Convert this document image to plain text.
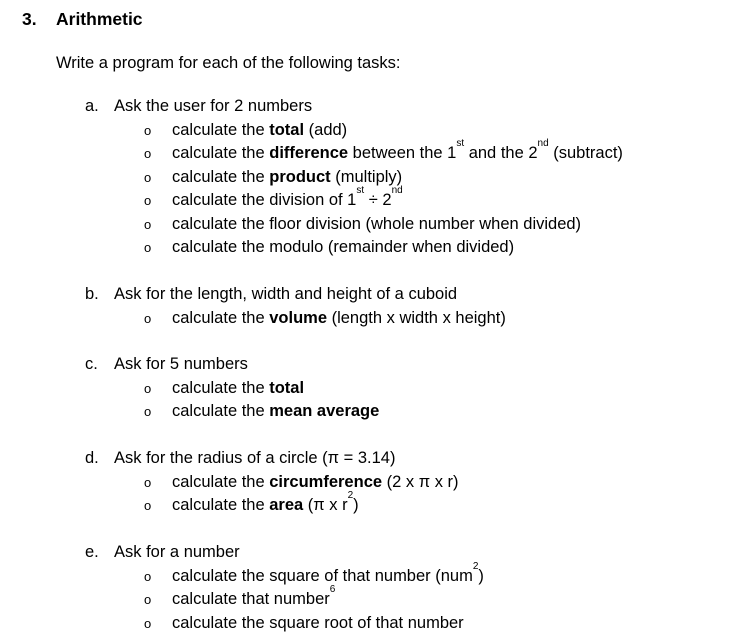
3. Arithmetic
Write a program for each of the following tasks:
a. Ask the user for 2 numbers
o calculate the total (add)
o calculate the difference between the 1st and the 2nd (subtract)
o calculate the product (multiply)
o calculate the division of 1st ÷ 2nd
o calculate the floor division (whole number when divided)
o calculate the modulo (remainder when divided)
b. Ask for the length, width and height of a cuboid
o calculate the volume (length x width x height)
c. Ask for 5 numbers
o calculate the total
o calculate the mean average
d. Ask for the radius of a circle (π = 3.14)
o calculate the circumference (2 x π x r)
o calculate the area (π x $r^2$)
e. Ask for a number
o calculate the square of that number (num$^2$)
o calculate that number$^6$
o calculate the square root of that number
